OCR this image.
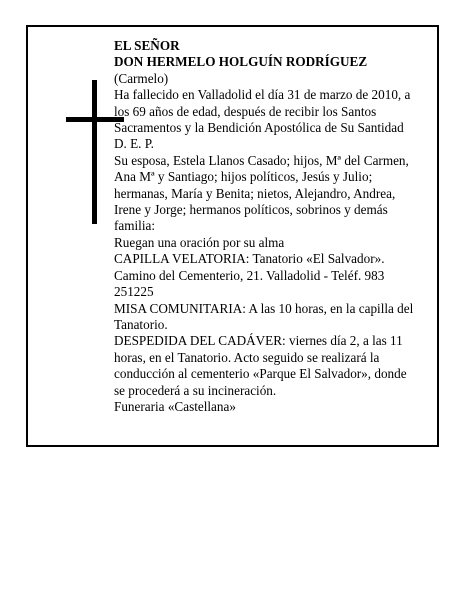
EL SEÑOR

DON HERMELO HOLGUÍN RODRÍGUEZ

(Carmelo)

Ha fallecido en Valladolid el día 31 de marzo de 2010, a los 69 años de edad, después de recibir los Santos Sacramentos y la Bendición Apostólica de Su Santidad

D. E. P.

Su esposa, Estela Llanos Casado; hijos, Mª del Carmen, Ana Mª y Santiago; hijos políticos, Jesús y Julio; hermanas, María y Benita; nietos, Alejandro, Andrea, Irene y Jorge; hermanos políticos, sobrinos y demás familia:

Ruegan una oración por su alma

CAPILLA VELATORIA: Tanatorio «El Salvador». Camino del Cementerio, 21. Valladolid - Teléf. 983 251225

MISA COMUNITARIA: A las 10 horas, en la capilla del Tanatorio.

DESPEDIDA DEL CADÁVER: viernes día 2, a las 11 horas, en el Tanatorio. Acto seguido se realizará la conducción al cementerio «Parque El Salvador», donde se procederá a su incineración.

Funeraria «Castellana»
